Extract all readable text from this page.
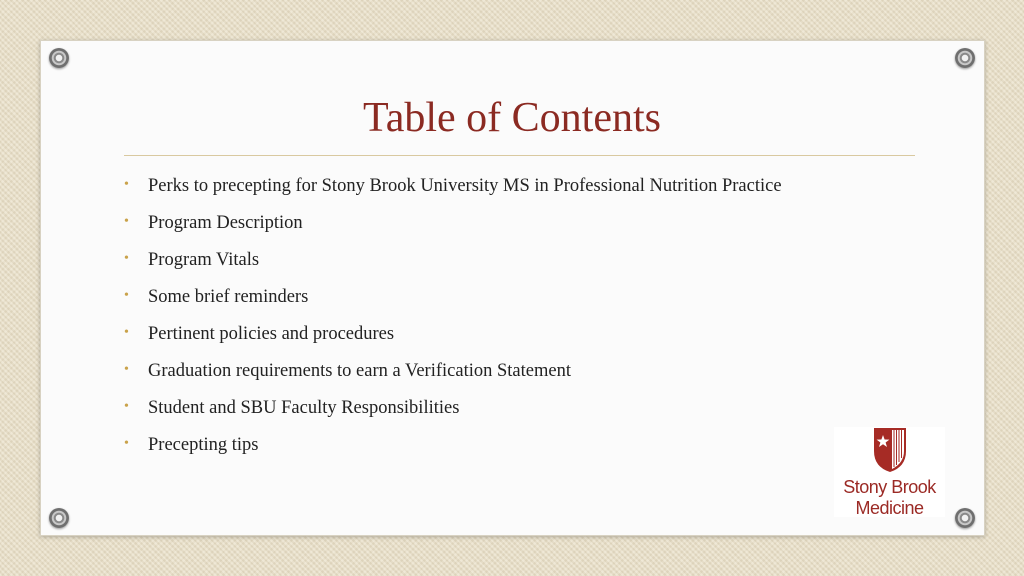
Table of Contents
• Perks to precepting for Stony Brook University MS in Professional Nutrition Practice
• Program Description
• Program Vitals
• Some brief reminders
• Pertinent policies and procedures
• Graduation requirements to earn a Verification Statement
• Student and SBU Faculty Responsibilities
• Precepting tips
Stony Brook
Medicine
